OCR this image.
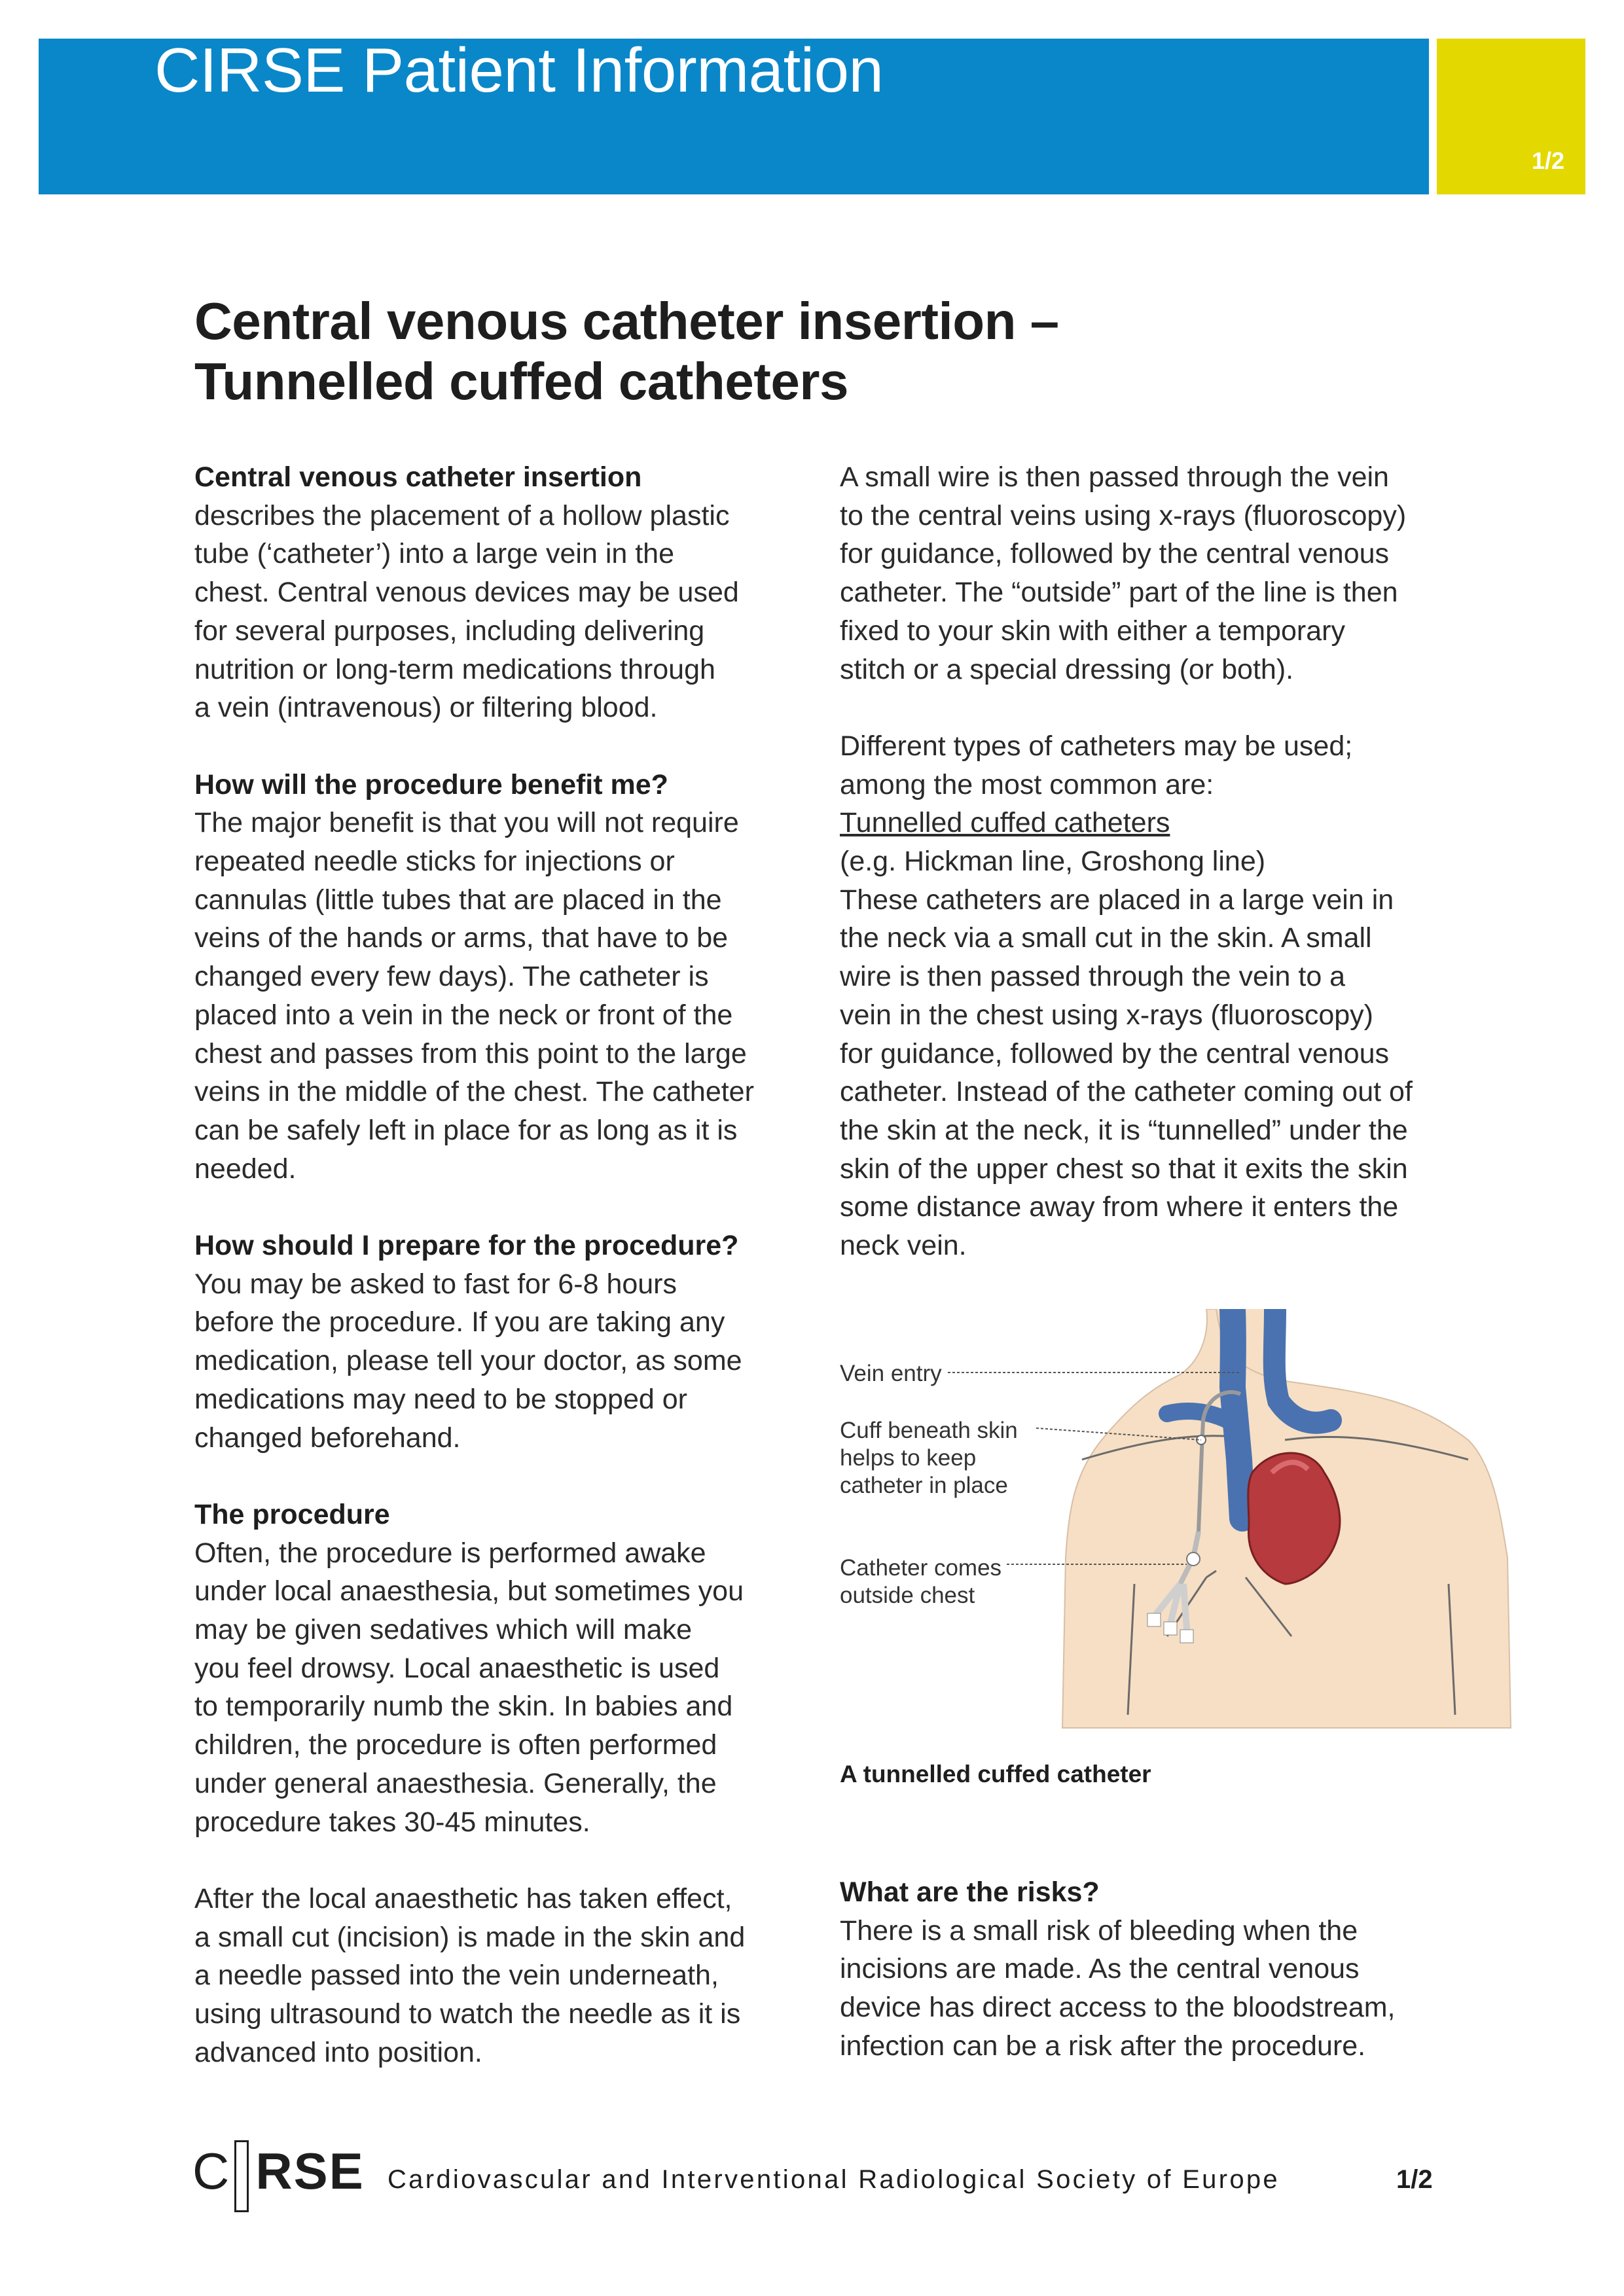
CIRSE Patient Information
1/2
Central venous catheter insertion –
Tunnelled cuffed catheters
Central venous catheter insertion
describes the placement of a hollow plastic
tube (‘catheter’) into a large vein in the
chest. Central venous devices may be used
for several purposes, including delivering
nutrition or long-term medications through
a vein (intravenous) or filtering blood.
How will the procedure benefit me?
The major benefit is that you will not require
repeated needle sticks for injections or
cannulas (little tubes that are placed in the
veins of the hands or arms, that have to be
changed every few days). The catheter is
placed into a vein in the neck or front of the
chest and passes from this point to the large
veins in the middle of the chest. The catheter
can be safely left in place for as long as it is
needed.
How should I prepare for the procedure?
You may be asked to fast for 6-8 hours
before the procedure. If you are taking any
medication, please tell your doctor, as some
medications may need to be stopped or
changed beforehand.
The procedure
Often, the procedure is performed awake
under local anaesthesia, but sometimes you
may be given sedatives which will make
you feel drowsy. Local anaesthetic is used
to temporarily numb the skin. In babies and
children, the procedure is often performed
under general anaesthesia. Generally, the
procedure takes 30-45 minutes.
After the local anaesthetic has taken effect,
a small cut (incision) is made in the skin and
a needle passed into the vein underneath,
using ultrasound to watch the needle as it is
advanced into position.
A small wire is then passed through the vein
to the central veins using x-rays (fluoroscopy)
for guidance, followed by the central venous
catheter. The “outside” part of the line is then
fixed to your skin with either a temporary
stitch or a special dressing (or both).
Different types of catheters may be used;
among the most common are:
Tunnelled cuffed catheters
(e.g. Hickman line, Groshong line)
These catheters are placed in a large vein in
the neck via a small cut in the skin. A small
wire is then passed through the vein to a
vein in the chest using x-rays (fluoroscopy)
for guidance, followed by the central venous
catheter. Instead of the catheter coming out of
the skin at the neck, it is “tunnelled” under the
skin of the upper chest so that it exits the skin
some distance away from where it enters the
neck vein.
Vein entry
Cuff beneath skin
helps to keep
catheter in place
Catheter comes
outside chest
A tunnelled cuffed catheter
What are the risks?
There is a small risk of bleeding when the
incisions are made. As the central venous
device has direct access to the bloodstream,
infection can be a risk after the procedure.
C RSE Cardiovascular and Interventional Radiological Society of Europe	1/2
